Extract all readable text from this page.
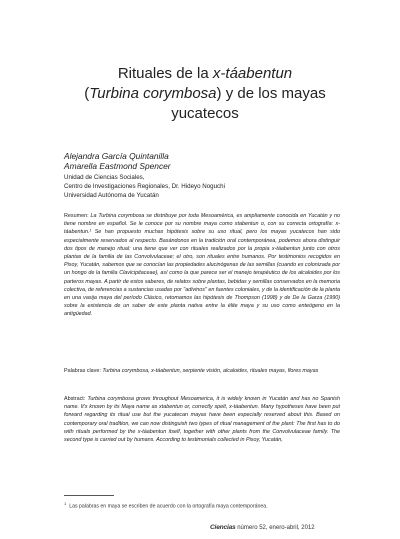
Rituales de la x-táabentun
(Turbina corymbosa) y de los mayas
yucatecos
Alejandra García Quintanilla
Amarella Eastmond Spencer
Unidad de Ciencias Sociales,
Centro de Investigaciones Regionales, Dr. Hideyo Noguchi
Universidad Autónoma de Yucatán
Resumen: La Turbina corymbosa se distribuye por toda Mesoamérica, es ampliamente conocida en Yucatán y no tiene nombre en español. Se le conoce por su nombre maya como xtabentun o, con su correcta ortografía: x-táabentun.¹ Se han propuesto muchas hipótesis sobre su uso ritual, pero los mayas yucatecos han sido especialmente reservados al respecto. Basándonos en la tradición oral contemporánea, podemos ahora distinguir dos tipos de manejo ritual: una tiene que ver con rituales realizados por la propia x-táabentun junto con otros plantas de la familia de las Convolvulaceae; el otro, son rituales entre humanos. Por testimonios recogidos en Pisoy, Yucatán, sabemos que se conocían las propiedades alucinógenas de las semillas (cuando es colonizada por un hongo de la familia Clavicipitaceae), así como la que parece ser el manejo terapéutico de los alcaloides por los parteros mayas. A partir de estos saberes, de relatos sobre plantas, bebidas y semillas conservados en la memoria colectiva, de referencias a sustancias usadas por "adivinos" en fuentes coloniales, y de la identificación de la planta en una vasija maya del período Clásico, retomamos las hipótesis de Thompson (1998) y de De la Garza (1990) sobre la existencia de un saber de este planta nativa entre la élite maya y su uso como enteógeno en la antigüedad.
Palabras clave: Turbina corymbosa, x-táabentun, serpiente visión, alcaloides, rituales mayas, flores mayas
Abstract: Turbina corymbosa grows throughout Mesoamerica, it is widely known in Yucatán and has no Spanish name. It's known by its Maya name as xtabentun or, correctly spelt, x-táabentun. Many hypotheses have been put forward regarding its ritual use but the yucatecan mayas have been especially reserved about this. Based on contemporary oral tradition, we can now distinguish two types of ritual management of the plant: The first has to do with rituals performed by the x-táabentun itself, together with other plants from the Convolvulaceae family. The second type is carried out by humans. According to testimonials collected in Pisoy, Yucatán,
$^1$Las palabras en maya se escriben de acuerdo con la ortografía maya contemporánea.
Ciencias número 52, enero-abril, 2012
